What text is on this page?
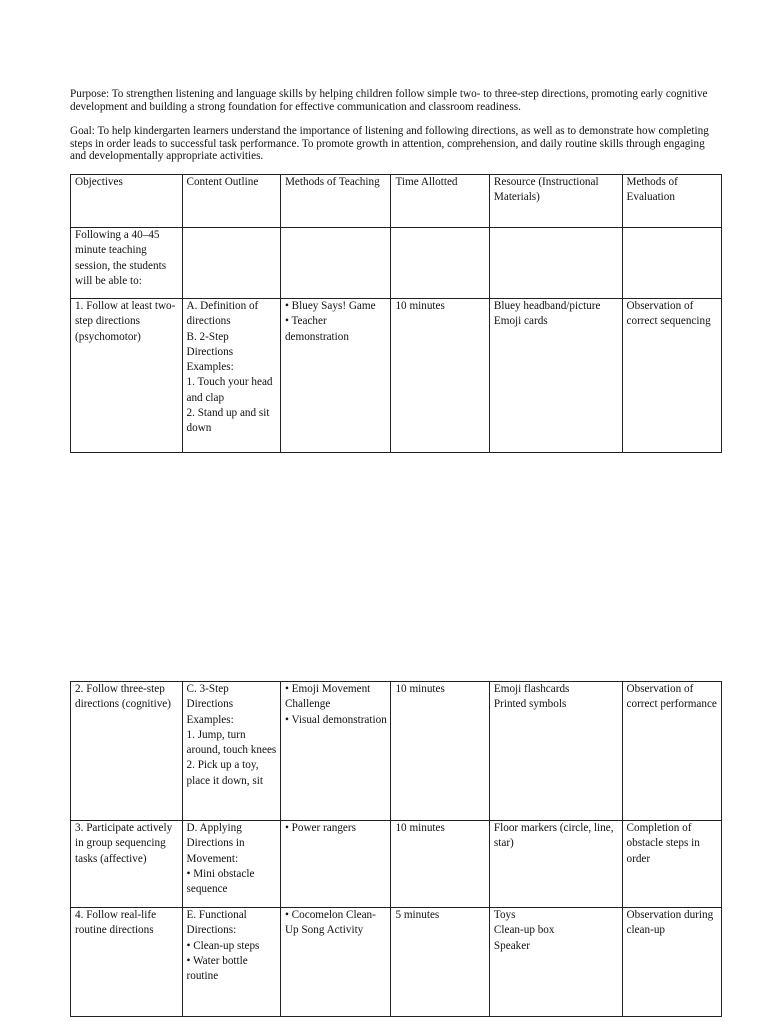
Purpose: To strengthen listening and language skills by helping children follow simple two- to three-step directions, promoting early cognitive development and building a strong foundation for effective communication and classroom readiness.

Goal: To help kindergarten learners understand the importance of listening and following directions, as well as to demonstrate how completing steps in order leads to successful task performance. To promote growth in attention, comprehension, and daily routine skills through engaging and developmentally appropriate activities.

Objectives	Content Outline	Methods of Teaching	Time Allotted	Resource (Instructional Materials)	Methods of Evaluation
Following a 40–45 minute teaching session, the students will be able to:					
1. Follow at least two-step directions (psychomotor)	A. Definition of directions
B. 2-Step Directions Examples:
1. Touch your head and clap
2. Stand up and sit down	• Bluey Says! Game
• Teacher demonstration	10 minutes	Bluey headband/picture
Emoji cards	Observation of correct sequencing
2. Follow three-step directions (cognitive)	C. 3-Step Directions Examples:
1. Jump, turn around, touch knees
2. Pick up a toy, place it down, sit	• Emoji Movement Challenge
• Visual demonstration	10 minutes	Emoji flashcards
Printed symbols	Observation of correct performance
3. Participate actively in group sequencing tasks (affective)	D. Applying Directions in Movement:
• Mini obstacle sequence	• Power rangers	10 minutes	Floor markers (circle, line, star)	Completion of obstacle steps in order
4. Follow real-life routine directions	E. Functional Directions:
• Clean-up steps
• Water bottle routine	• Cocomelon Clean-Up Song Activity	5 minutes	Toys
Clean-up box
Speaker	Observation during clean-up
